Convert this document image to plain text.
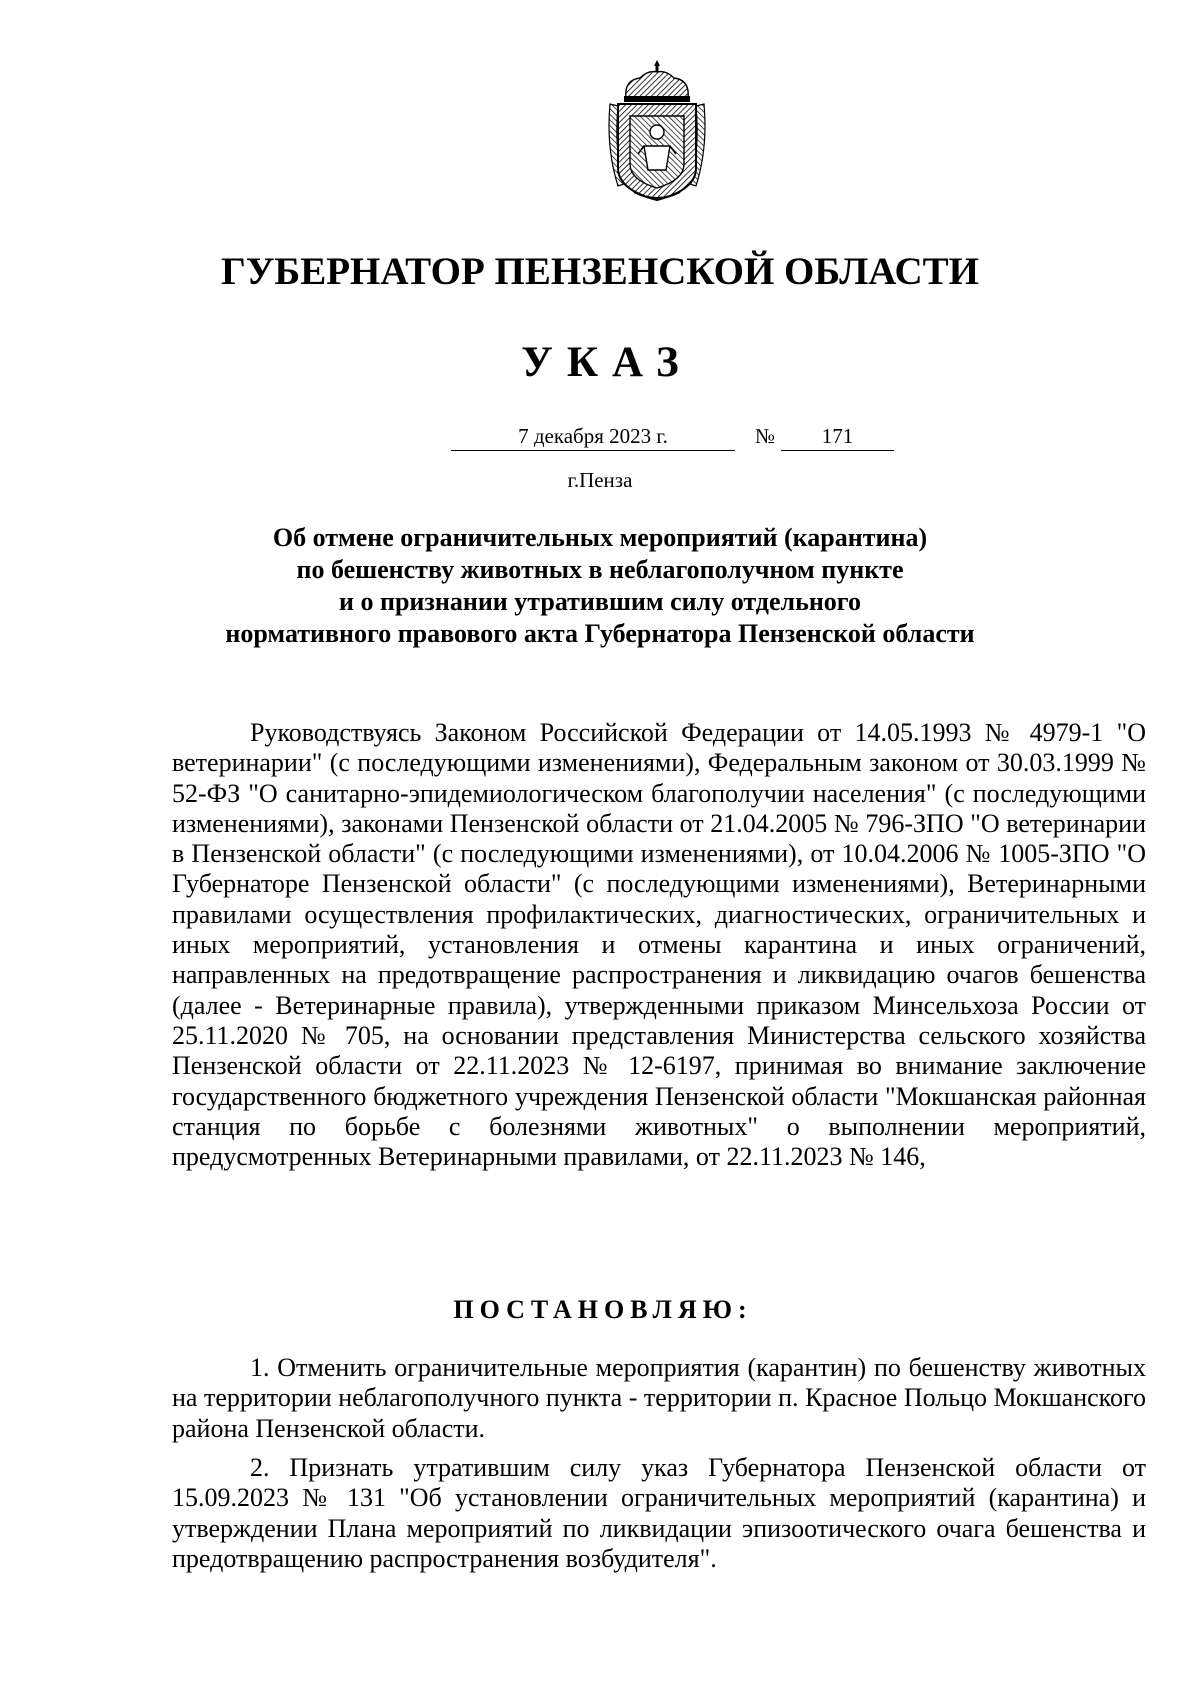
ГУБЕРНАТОР ПЕНЗЕНСКОЙ ОБЛАСТИ
УКАЗ
7 декабря 2023 г.	№	171
г.Пенза
Об отмене ограничительных мероприятий (карантина)
по бешенству животных в неблагополучном пункте
и о признании утратившим силу отдельного
нормативного правового акта Губернатора Пензенской области

Руководствуясь Законом Российской Федерации от 14.05.1993 № 4979-1 "О ветеринарии" (с последующими изменениями), Федеральным законом от 30.03.1999 № 52-ФЗ "О санитарно-эпидемиологическом благополучии населения" (с последующими изменениями), законами Пензенской области от 21.04.2005 № 796-ЗПО "О ветеринарии в Пензенской области" (с последующими изменениями), от 10.04.2006 № 1005-ЗПО "О Губернаторе Пензенской области" (с последующими изменениями), Ветеринарными правилами осуществления профилактических, диагностических, ограничительных и иных мероприятий, установления и отмены карантина и иных ограничений, направленных на предотвращение распространения и ликвидацию очагов бешенства (далее - Ветеринарные правила), утвержденными приказом Минсельхоза России от 25.11.2020 № 705, на основании представления Министерства сельского хозяйства Пензенской области от 22.11.2023 № 12-6197, принимая во внимание заключение государственного бюджетного учреждения Пензенской области "Мокшанская районная станция по борьбе с болезнями животных" о выполнении мероприятий, предусмотренных Ветеринарными правилами, от 22.11.2023 № 146,

ПОСТАНОВЛЯЮ:

1. Отменить ограничительные мероприятия (карантин) по бешенству животных на территории неблагополучного пункта - территории п. Красное Польцо Мокшанского района Пензенской области.

2. Признать утратившим силу указ Губернатора Пензенской области от 15.09.2023 № 131 "Об установлении ограничительных мероприятий (карантина) и утверждении Плана мероприятий по ликвидации эпизоотического очага бешенства и предотвращению распространения возбудителя".
